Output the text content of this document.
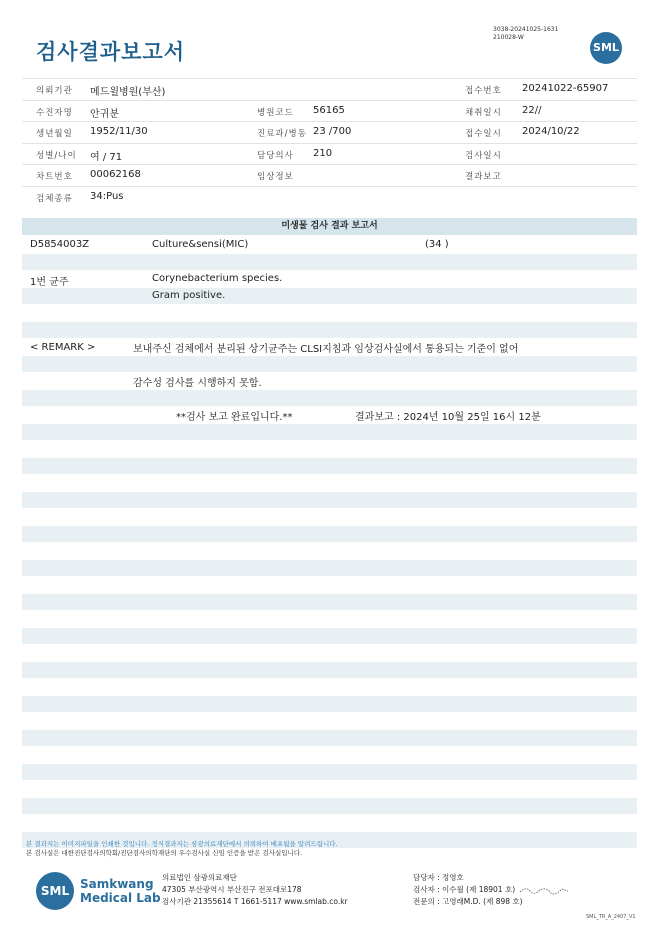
검사결과보고서
3038-20241025-1631
210028-W
SML
의뢰기관 메드윌병원(부산)	접수번호 20241022-65907
수진자명 안귀분	병원코드 56165	채취일시 22//
생년월일 1952/11/30	진료과/병동 23 /700	접수일시 2024/10/22
성별/나이 여 / 71	담당의사 210	검사일시
차트번호 00062168	임상정보	결과보고
검체종류 34:Pus
미생물 검사 결과 보고서
D5854003Z	Culture&sensi(MIC)	(34 )
1번 균주	Corynebacterium species.
Gram positive.
< REMARK >	보내주신 검체에서 분리된 상기균주는 CLSI지침과 임상검사실에서 통용되는 기준이 없어
감수성 검사를 시행하지 못함.
**검사 보고 완료입니다.**	결과보고 : 2024년 10월 25일 16시 12분
본 결과지는 이미지파일을 인쇄한 것입니다. 정식결과지는 삼광의료재단에서 의뢰하여 배포됨을 알려드립니다.
본 검사실은 대한진단검사의학회/진단검사의학재단의 우수검사실 신임 인증을 받은 검사실입니다.
SML Samkwang
Medical Lab
의료법인 삼광의료재단
47305 부산광역시 부산진구 전포대로178
검사기관 21355614 T 1661-5117 www.smlab.co.kr
담당자 : 정영호
검사자 : 이수월 (제 18901 호)
전문의 : 고영래M.D. (제 898 호)
SML_TR_A_2407_V1
